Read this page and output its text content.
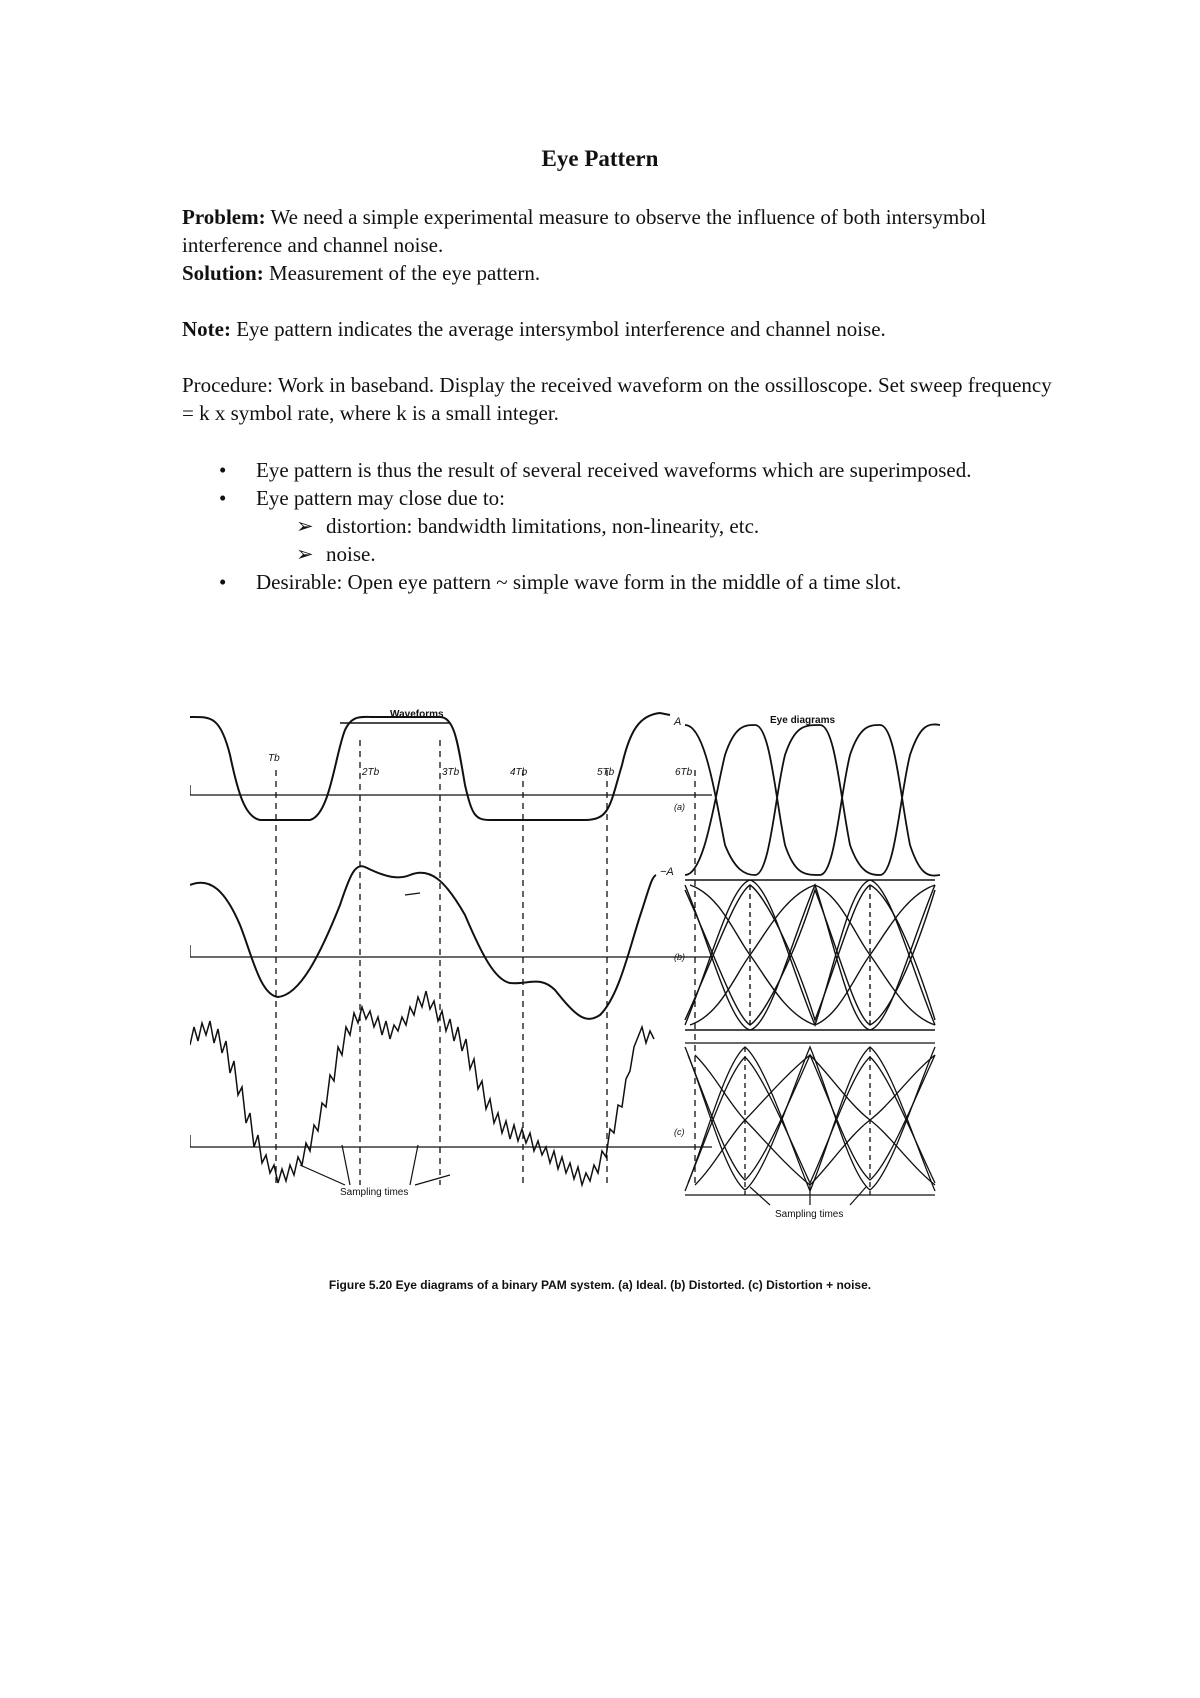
Eye Pattern

Problem: We need a simple experimental measure to observe the influence of both intersymbol interference and channel noise.

Solution: Measurement of the eye pattern.

Note: Eye pattern indicates the average intersymbol interference and channel noise.

Procedure: Work in baseband. Display the received waveform on the ossilloscope. Set sweep frequency = k x symbol rate, where k is a small integer.

• Eye pattern is thus the result of several received waveforms which are superimposed.
• Eye pattern may close due to:
➢ distortion: bandwidth limitations, non-linearity, etc.
➢ noise.
• Desirable: Open eye pattern ~ simple wave form in the middle of a time slot.
Waveforms
Tb
2Tb	3Tb	4Tb	5Tb	6Tb
Sampling times
Eye diagrams
A
−A
(a)
(b)
(c)
Sampling times
Figure 5.20 Eye diagrams of a binary PAM system. (a) Ideal. (b) Distorted. (c) Distortion + noise.
